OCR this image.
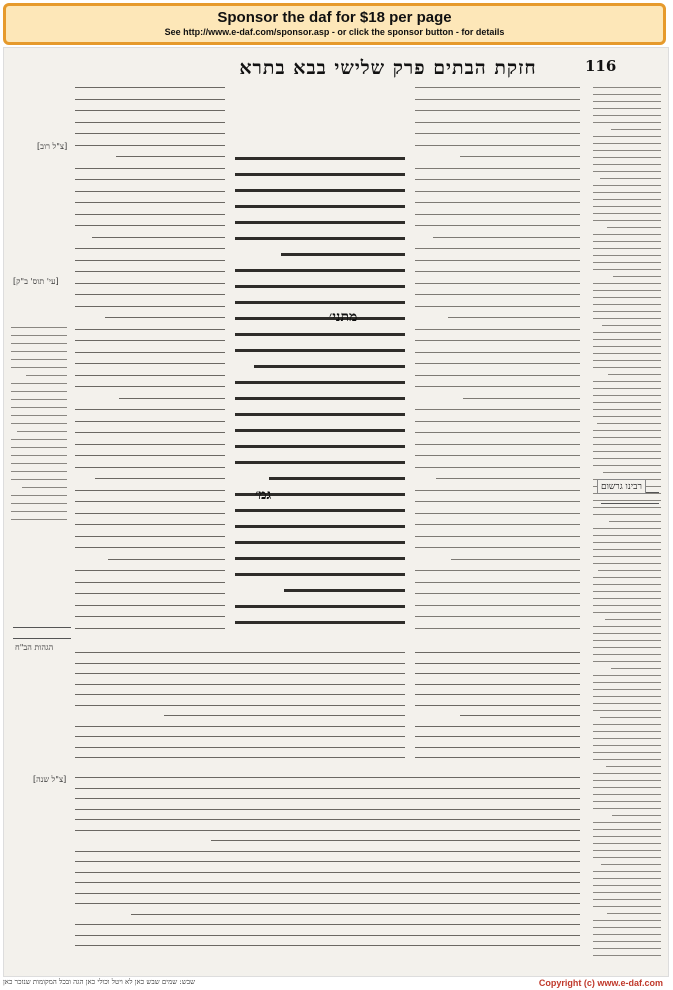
Sponsor the daf for $18 per page
See http://www.e-daf.com/sponsor.asp - or click the sponsor button - for details
חזקת הבתים פרק שלישי בבא בתרא	116
רבינו גרשום
הגהות הב"ח
[צ"ל רוב]
[עי' תוס' ב"ק]
[צ"ל שנה]
מתני׳
גמ׳
שבש: שמים שבש כאן לא ויטל וכולי כאן הגה ובכל המקומות שנזכר כאן	Copyright (c) www.e-daf.com
